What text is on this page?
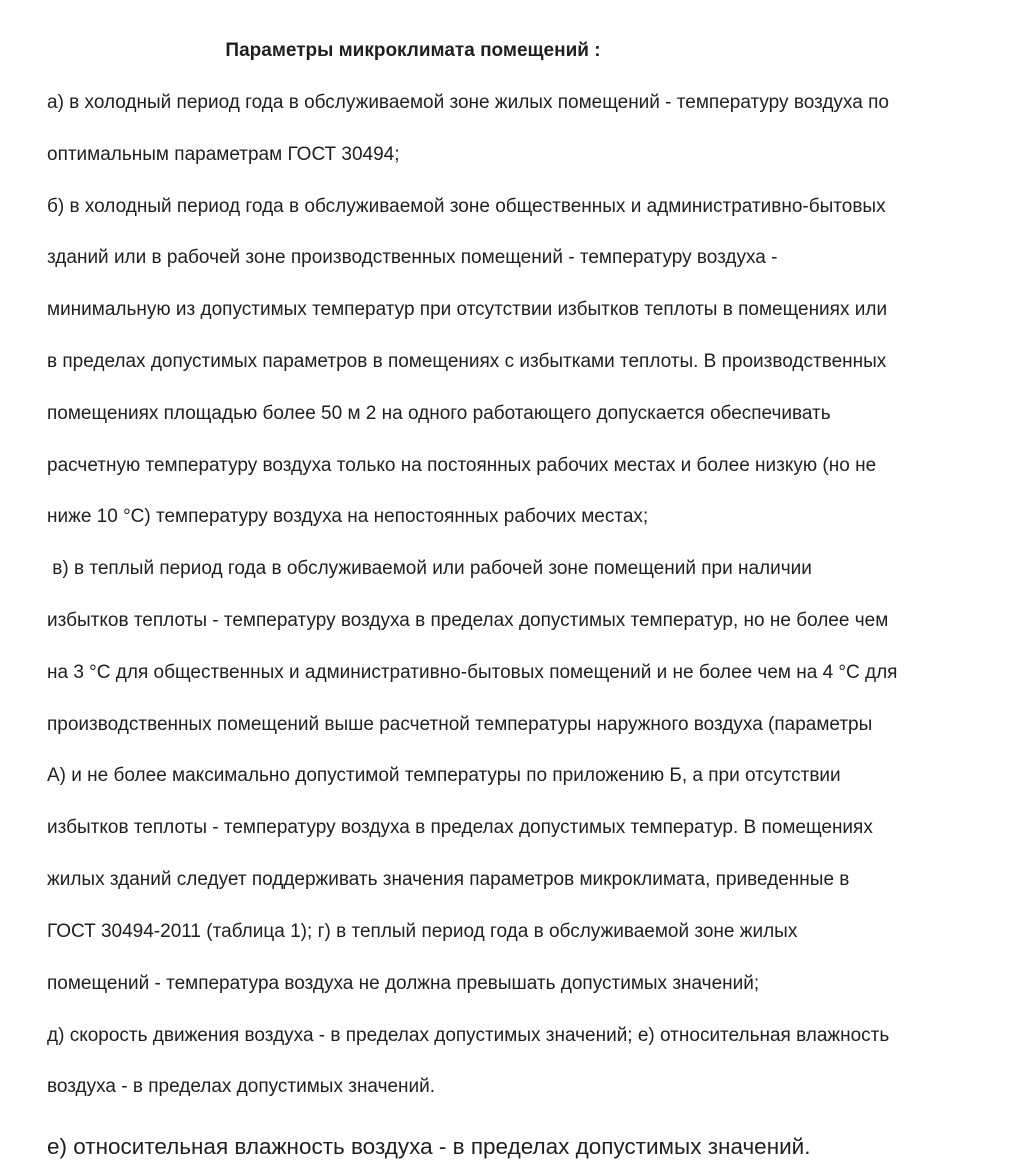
Параметры микроклимата помещений :

а) в холодный период года в обслуживаемой зоне жилых помещений - температуру воздуха по

оптимальным параметрам ГОСТ 30494;

б) в холодный период года в обслуживаемой зоне общественных и административно-бытовых

зданий или в рабочей зоне производственных помещений - температуру воздуха -

минимальную из допустимых температур при отсутствии избытков теплоты в помещениях или

в пределах допустимых параметров в помещениях с избытками теплоты. В производственных

помещениях площадью более 50 м 2 на одного работающего допускается обеспечивать

расчетную температуру воздуха только на постоянных рабочих местах и более низкую (но не

ниже 10 °С) температуру воздуха на непостоянных рабочих местах;

в) в теплый период года в обслуживаемой или рабочей зоне помещений при наличии

избытков теплоты - температуру воздуха в пределах допустимых температур, но не более чем

на 3 °С для общественных и административно-бытовых помещений и не более чем на 4 °С для

производственных помещений выше расчетной температуры наружного воздуха (параметры

А) и не более максимально допустимой температуры по приложению Б, а при отсутствии

избытков теплоты - температуру воздуха в пределах допустимых температур. В помещениях

жилых зданий следует поддерживать значения параметров микроклимата, приведенные в

ГОСТ 30494-2011 (таблица 1); г) в теплый период года в обслуживаемой зоне жилых

помещений - температура воздуха не должна превышать допустимых значений;

д) скорость движения воздуха - в пределах допустимых значений; е) относительная влажность

воздуха - в пределах допустимых значений.

е) относительная влажность воздуха - в пределах допустимых значений.
